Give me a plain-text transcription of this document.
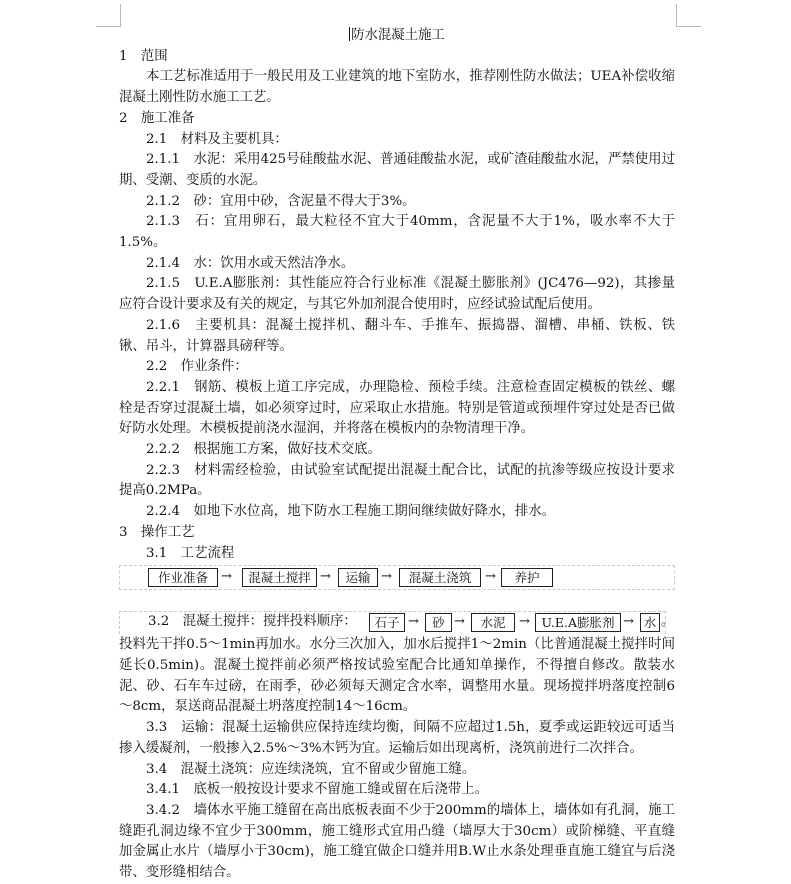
防水混凝土施工

1　范围

本工艺标准适用于一般民用及工业建筑的地下室防水，推荐刚性防水做法；UEA补偿收缩混凝土刚性防水施工工艺。

2　施工准备

2.1　材料及主要机具：

2.1.1　水泥：采用425号硅酸盐水泥、普通硅酸盐水泥，或矿渣硅酸盐水泥，严禁使用过期、受潮、变质的水泥。

2.1.2　砂：宜用中砂，含泥量不得大于3%。

2.1.3　石：宜用卵石，最大粒径不宜大于40mm，含泥量不大于1%，吸水率不大于1.5%。

2.1.4　水：饮用水或天然洁净水。

2.1.5　U.E.A膨胀剂：其性能应符合行业标准《混凝土膨胀剂》(JC476—92)，其掺量应符合设计要求及有关的规定，与其它外加剂混合使用时，应经试验试配后使用。

2.1.6　主要机具：混凝土搅拌机、翻斗车、手推车、振捣器、溜槽、串桶、铁板、铁锹、吊斗，计算器具磅秤等。

2.2　作业条件：

2.2.1　钢筋、模板上道工序完成，办理隐检、预检手续。注意检查固定模板的铁丝、螺栓是否穿过混凝土墙，如必须穿过时，应采取止水措施。特别是管道或预埋件穿过处是否已做好防水处理。木模板提前浇水湿润，并将落在模板内的杂物清理干净。

2.2.2　根据施工方案，做好技术交底。

2.2.3　材料需经检验，由试验室试配提出混凝土配合比，试配的抗渗等级应按设计要求提高0.2MPa。

2.2.4　如地下水位高，地下防水工程施工期间继续做好降水，排水。

3　操作工艺

3.1　工艺流程

作业准备	→	混凝土搅拌 →	运输 →	混凝土浇筑	→	养护
3.2　混凝土搅拌：搅拌投料顺序：	石子 →	砂 →	水泥	→ U.E.A膨胀剂 → 水 。

投料先干拌0.5～1min再加水。水分三次加入，加水后搅拌1～2min（比普通混凝土搅拌时间延长0.5min)。混凝土搅拌前必须严格按试验室配合比通知单操作，不得擅自修改。散装水泥、砂、石车车过磅，在雨季，砂必须每天测定含水率，调整用水量。现场搅拌坍落度控制6～8cm，泵送商品混凝土坍落度控制14～16cm。

3.3　运输：混凝土运输供应保持连续均衡，间隔不应超过1.5h，夏季或运距较远可适当掺入缓凝剂，一般掺入2.5%～3%木钙为宜。运输后如出现离析，浇筑前进行二次拌合。

3.4　混凝土浇筑：应连续浇筑，宜不留或少留施工缝。

3.4.1　底板一般按设计要求不留施工缝或留在后浇带上。

3.4.2　墙体水平施工缝留在高出底板表面不少于200mm的墙体上，墙体如有孔洞，施工缝距孔洞边缘不宜少于300mm，施工缝形式宜用凸缝（墙厚大于30cm）或阶梯缝、平直缝加金属止水片（墙厚小于30cm)，施工缝宜做企口缝并用B.W止水条处理垂直施工缝宜与后浇带、变形缝相结合。
